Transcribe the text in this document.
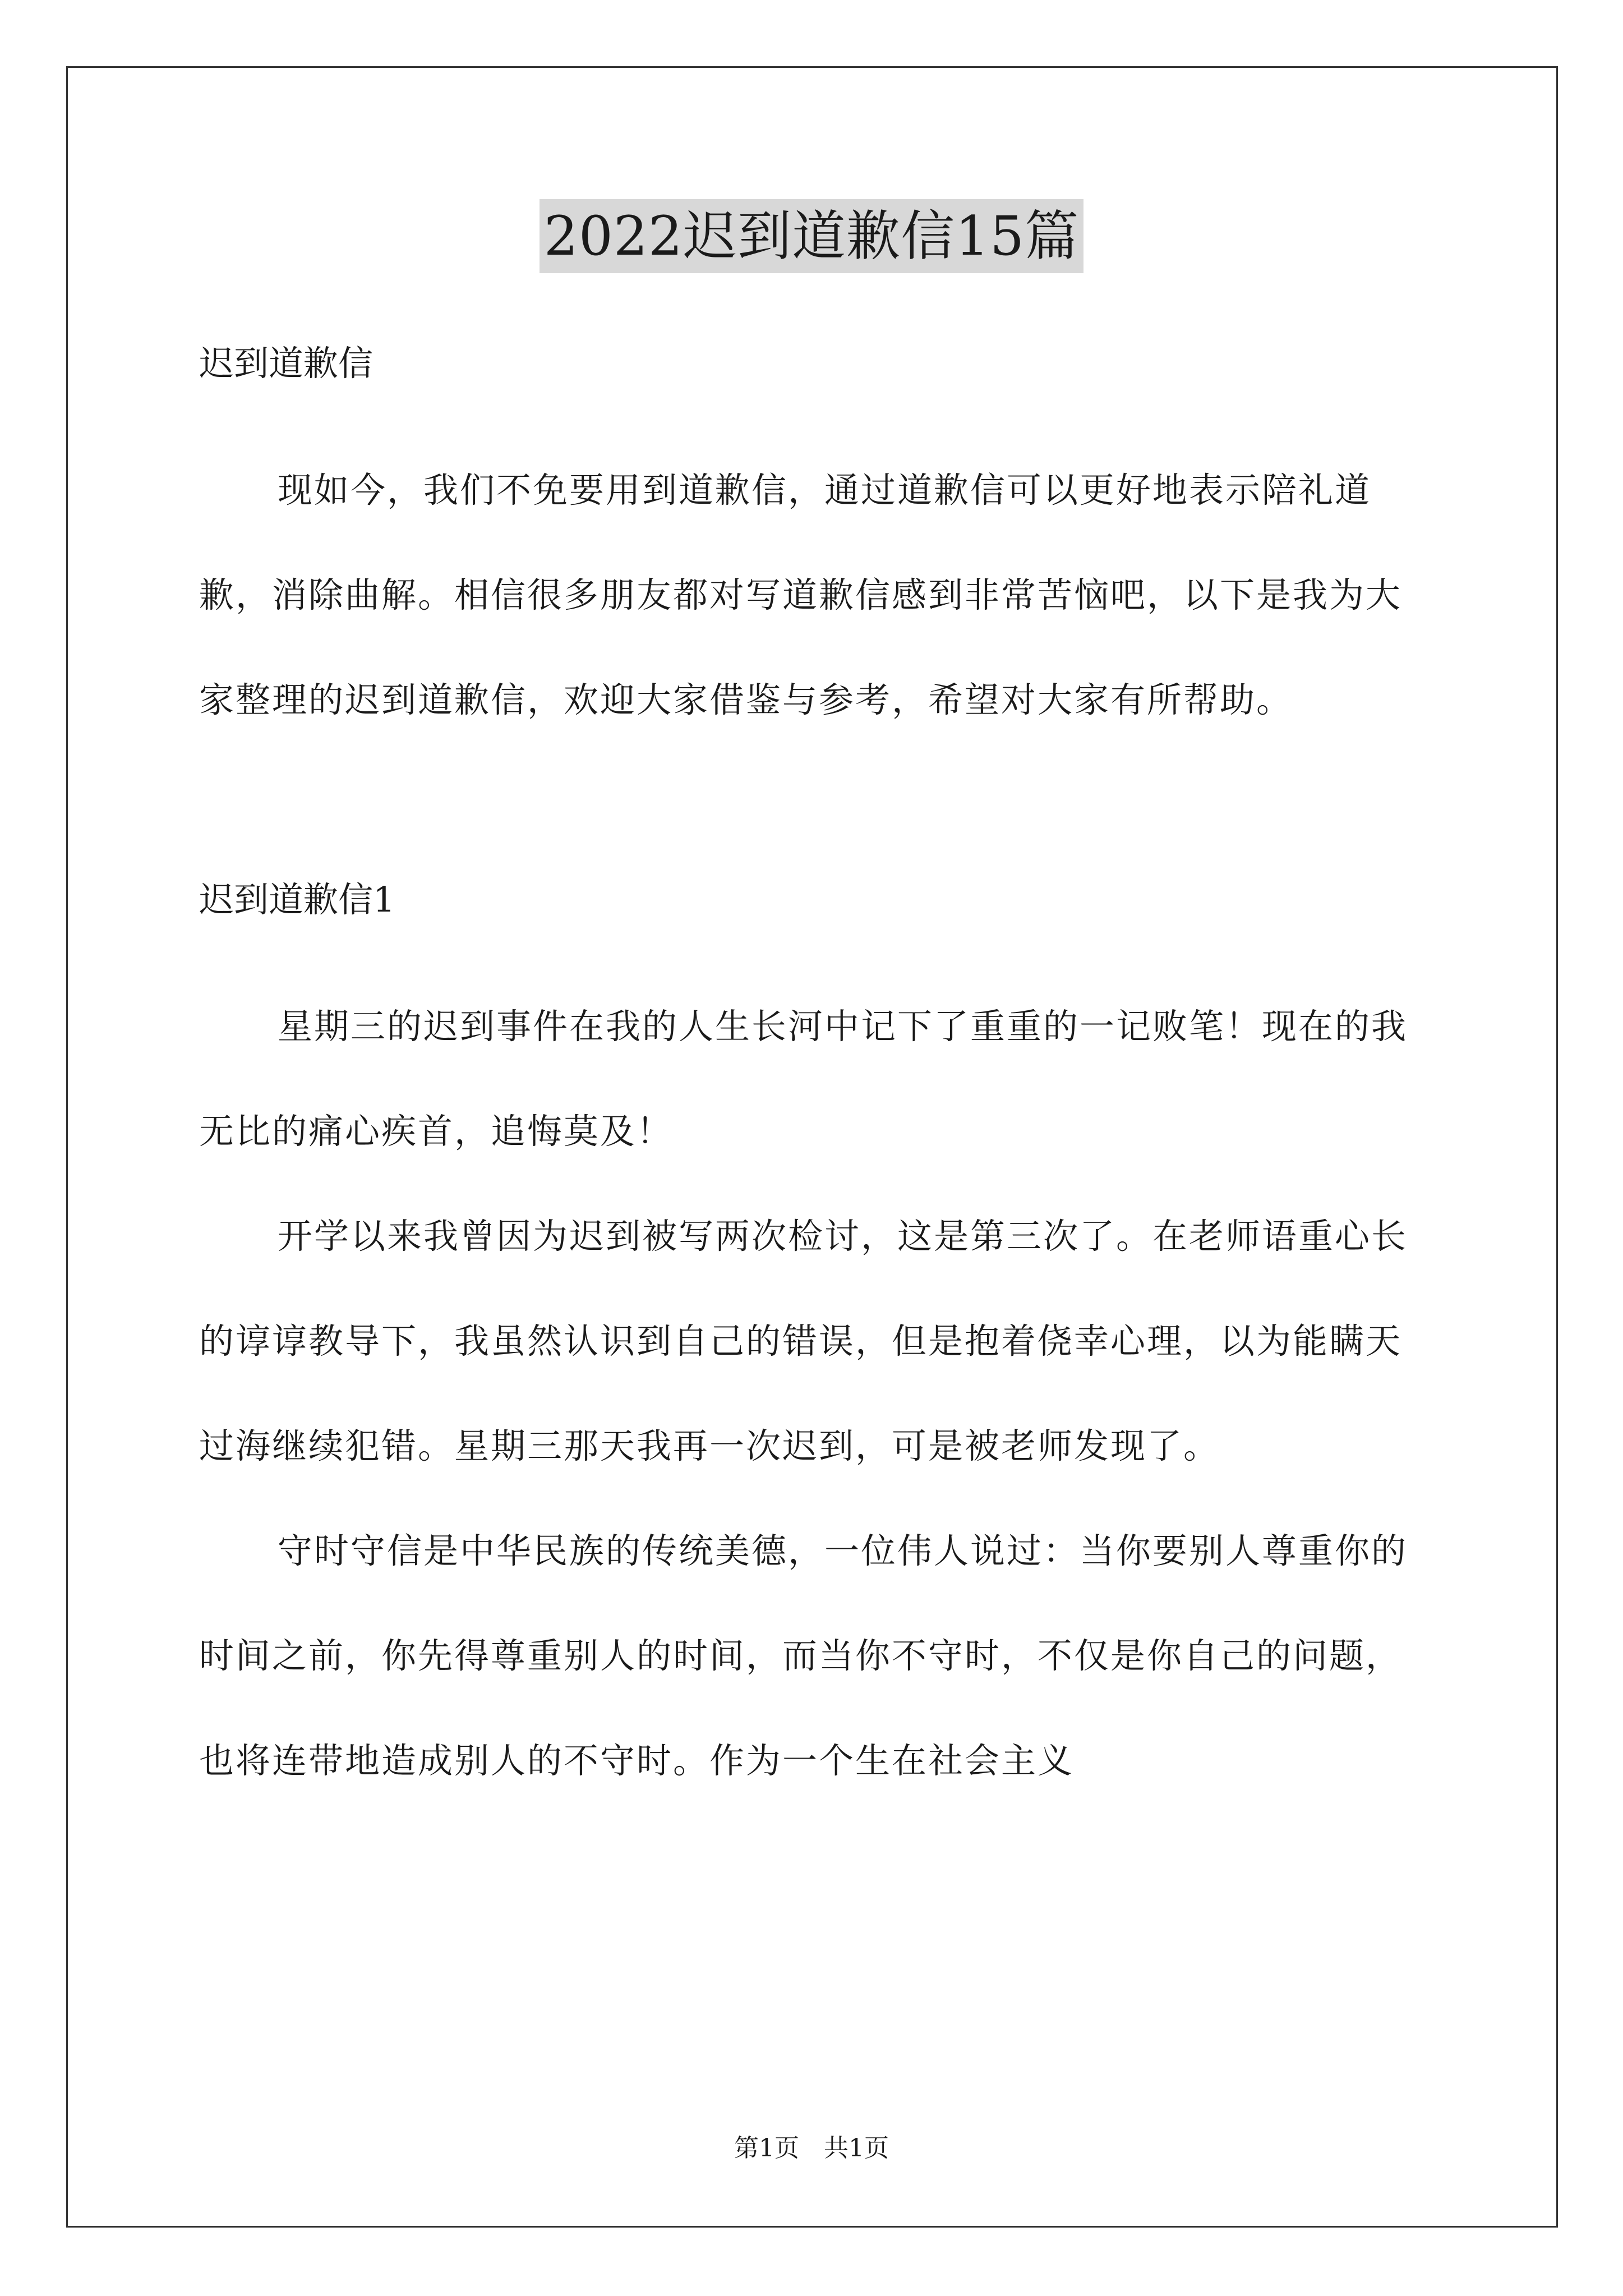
2022迟到道歉信15篇

迟到道歉信

现如今，我们不免要用到道歉信，通过道歉信可以更好地表示陪礼道歉，消除曲解。相信很多朋友都对写道歉信感到非常苦恼吧，以下是我为大家整理的迟到道歉信，欢迎大家借鉴与参考，希望对大家有所帮助。

迟到道歉信1

星期三的迟到事件在我的人生长河中记下了重重的一记败笔！现在的我无比的痛心疾首，追悔莫及！

开学以来我曾因为迟到被写两次检讨，这是第三次了。在老师语重心长的谆谆教导下，我虽然认识到自己的错误，但是抱着侥幸心理，以为能瞒天过海继续犯错。星期三那天我再一次迟到，可是被老师发现了。

守时守信是中华民族的传统美德，一位伟人说过：当你要别人尊重你的时间之前，你先得尊重别人的时间，而当你不守时，不仅是你自己的问题，也将连带地造成别人的不守时。作为一个生在社会主义

第1页 共1页
